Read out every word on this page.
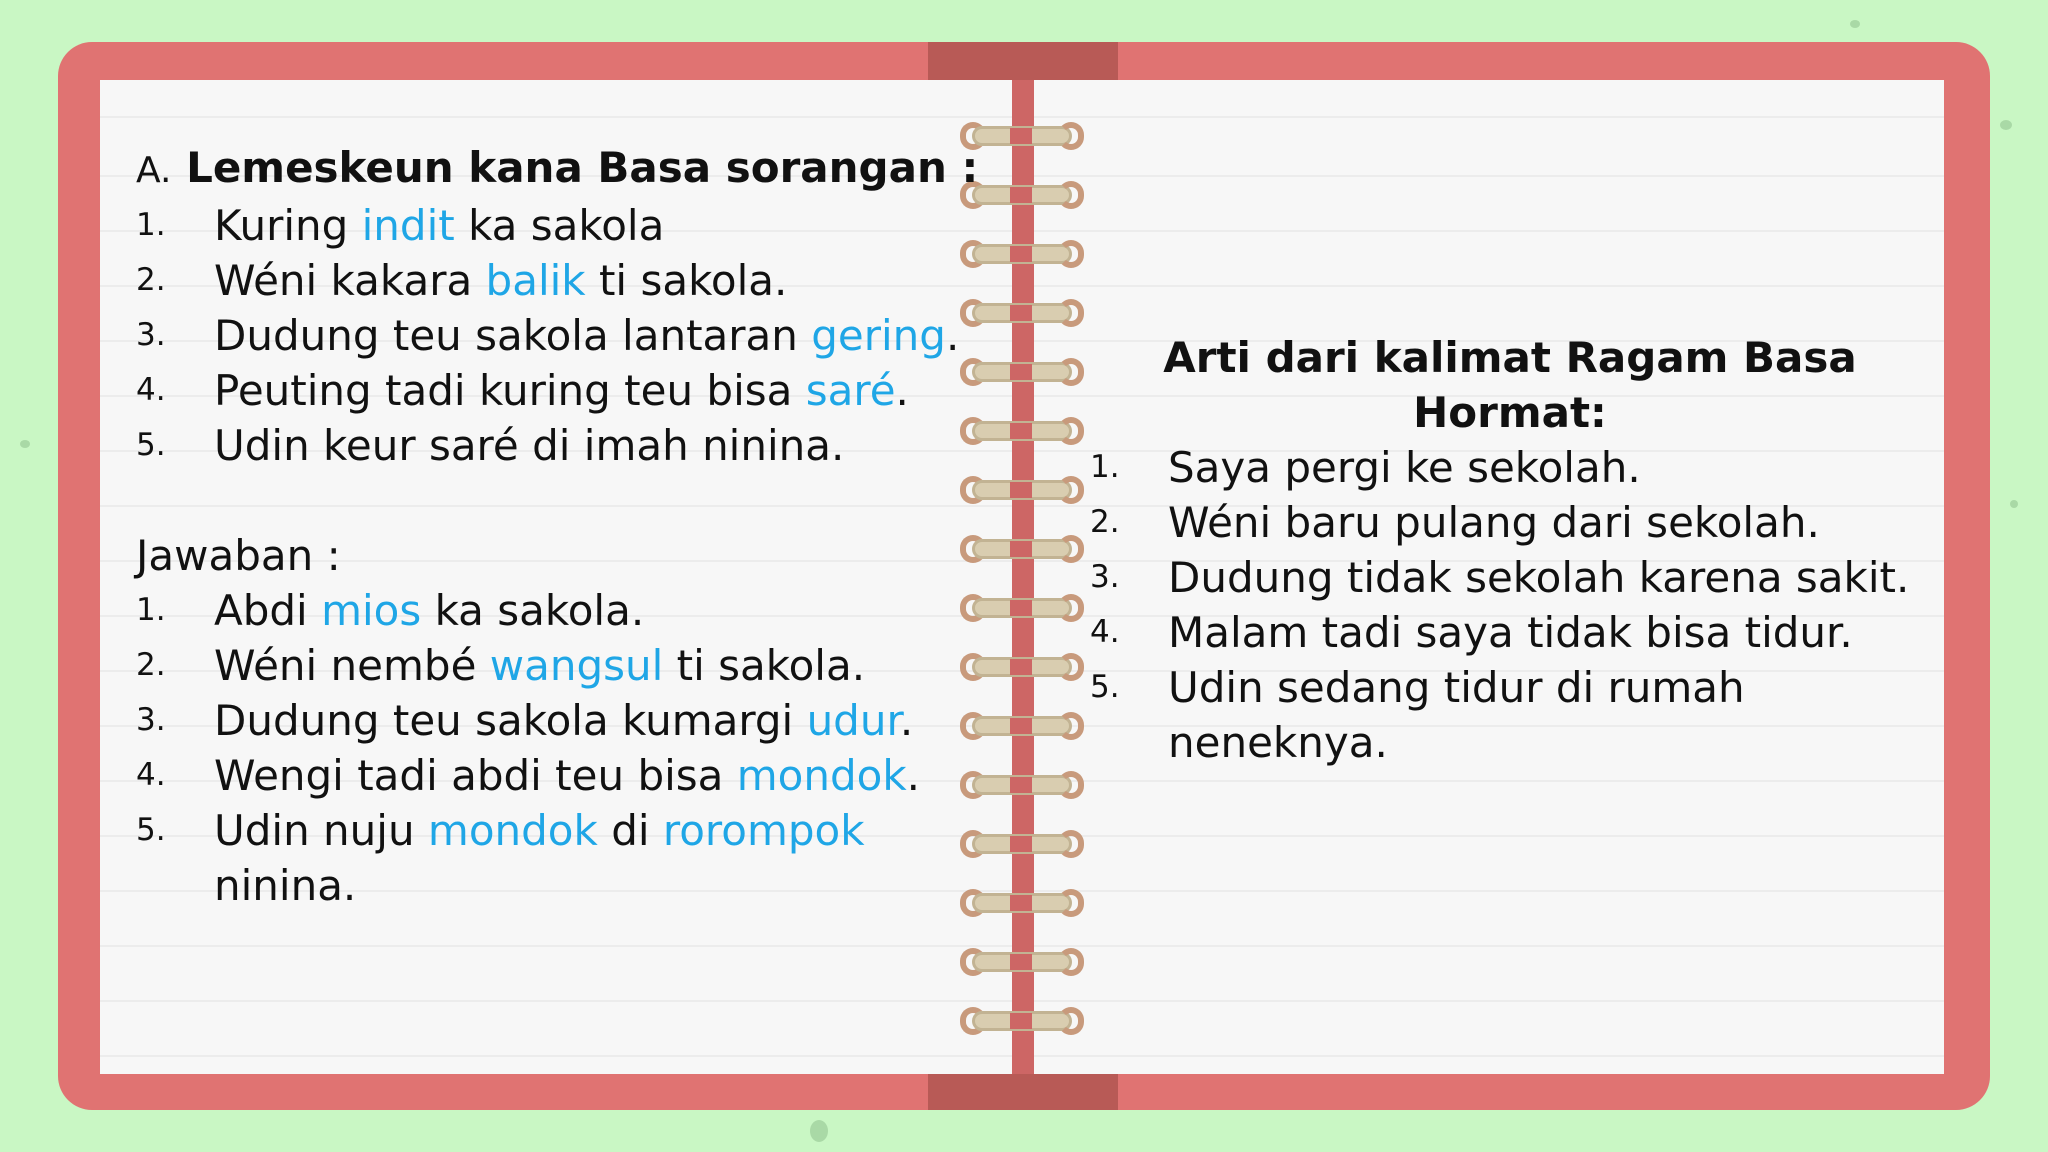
A. Lemeskeun kana Basa sorangan :
1.	Kuring indit ka sakola
2.	Wéni kakara balik ti sakola.
3.	Dudung teu sakola lantaran gering.
4.	Peuting tadi kuring teu bisa saré.
5.	Udin keur saré di imah ninina.
Jawaban :
1.	Abdi mios ka sakola.
2.	Wéni nembé wangsul ti sakola.
3.	Dudung teu sakola kumargi udur.
4.	Wengi tadi abdi teu bisa mondok.
5.	Udin nuju mondok di rorompok ninina.
Arti dari kalimat Ragam Basa Hormat:
1.	Saya pergi ke sekolah.
2.	Wéni baru pulang dari sekolah.
3.	Dudung tidak sekolah karena sakit.
4.	Malam tadi saya tidak bisa tidur.
5.	Udin sedang tidur di rumah neneknya.
